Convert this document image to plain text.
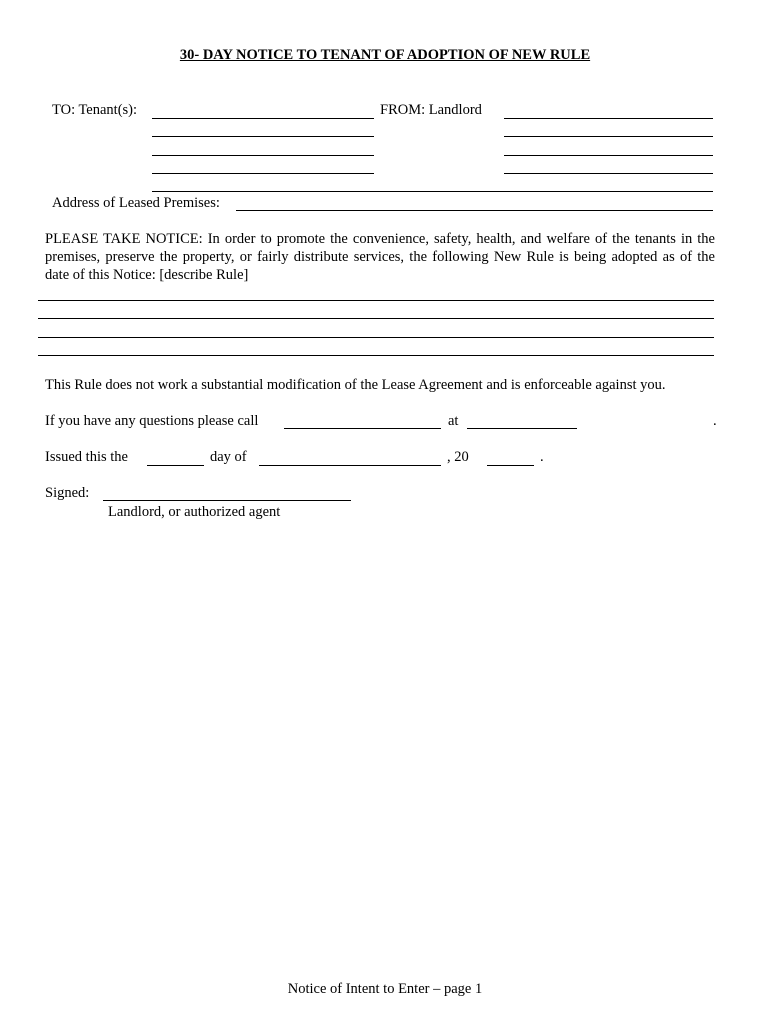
30- DAY NOTICE TO TENANT OF ADOPTION OF NEW RULE
TO: Tenant(s):	FROM: Landlord
Address of Leased Premises:
PLEASE TAKE NOTICE: In order to promote the convenience, safety, health, and welfare of the tenants in the premises, preserve the property, or fairly distribute services, the following New Rule is being adopted as of the date of this Notice: [describe Rule]
This Rule does not work a substantial modification of the Lease Agreement and is enforceable against you.
If you have any questions please call	at	.
Issued this the	day of	, 20	.
Signed:
Landlord, or authorized agent
Notice of Intent to Enter – page 1
